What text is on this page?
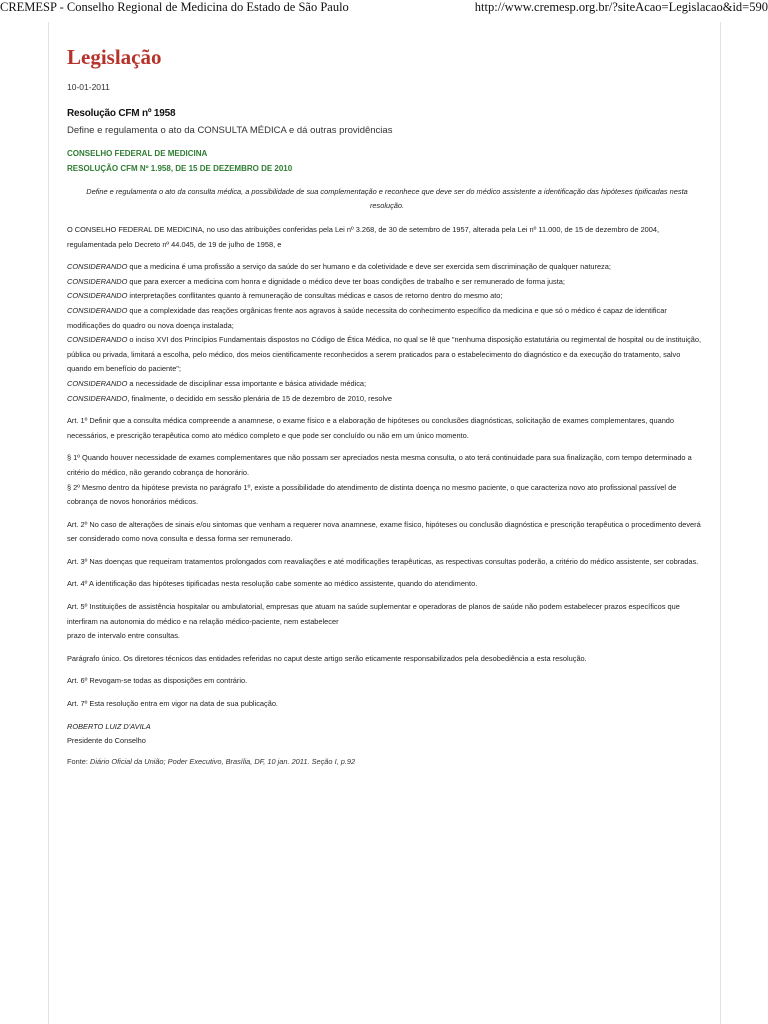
CREMESP - Conselho Regional de Medicina do Estado de São Paulo	http://www.cremesp.org.br/?siteAcao=Legislacao&id=590
Legislação
10-01-2011
Resolução CFM nº 1958
Define e regulamenta o ato da CONSULTA MÉDICA e dá outras providências
CONSELHO FEDERAL DE MEDICINA
RESOLUÇÃO CFM Nº 1.958, DE 15 DE DEZEMBRO DE 2010
Define e regulamenta o ato da consulta médica, a possibilidade de sua complementação e reconhece que deve ser do médico assistente a identificação das hipóteses tipificadas nesta resolução.

O CONSELHO FEDERAL DE MEDICINA, no uso das atribuições conferidas pela Lei nº 3.268, de 30 de setembro de 1957, alterada pela Lei nº 11.000, de 15 de dezembro de 2004, regulamentada pelo Decreto nº 44.045, de 19 de julho de 1958, e

CONSIDERANDO que a medicina é uma profissão a serviço da saúde do ser humano e da coletividade e deve ser exercida sem discriminação de qualquer natureza;

CONSIDERANDO que para exercer a medicina com honra e dignidade o médico deve ter boas condições de trabalho e ser remunerado de forma justa;

CONSIDERANDO interpretações conflitantes quanto à remuneração de consultas médicas e casos de retorno dentro do mesmo ato;

CONSIDERANDO que a complexidade das reações orgânicas frente aos agravos à saúde necessita do conhecimento específico da medicina e que só o médico é capaz de identificar modificações do quadro ou nova doença instalada;

CONSIDERANDO o inciso XVI dos Princípios Fundamentais dispostos no Código de Ética Médica, no qual se lê que "nenhuma disposição estatutária ou regimental de hospital ou de instituição, pública ou privada, limitará a escolha, pelo médico, dos meios cientificamente reconhecidos a serem praticados para o estabelecimento do diagnóstico e da execução do tratamento, salvo quando em benefício do paciente";

CONSIDERANDO a necessidade de disciplinar essa importante e básica atividade médica;

CONSIDERANDO, finalmente, o decidido em sessão plenária de 15 de dezembro de 2010, resolve

Art. 1º Definir que a consulta médica compreende a anamnese, o exame físico e a elaboração de hipóteses ou conclusões diagnósticas, solicitação de exames complementares, quando necessários, e prescrição terapêutica como ato médico completo e que pode ser concluído ou não em um único momento.

§ 1º Quando houver necessidade de exames complementares que não possam ser apreciados nesta mesma consulta, o ato terá continuidade para sua finalização, com tempo determinado a critério do médico, não gerando cobrança de honorário.

§ 2º Mesmo dentro da hipótese prevista no parágrafo 1º, existe a possibilidade do atendimento de distinta doença no mesmo paciente, o que caracteriza novo ato profissional passível de cobrança de novos honorários médicos.

Art. 2º No caso de alterações de sinais e/ou sintomas que venham a requerer nova anamnese, exame físico, hipóteses ou conclusão diagnóstica e prescrição terapêutica o procedimento deverá ser considerado como nova consulta e dessa forma ser remunerado.

Art. 3º Nas doenças que requeiram tratamentos prolongados com reavaliações e até modificações terapêuticas, as respectivas consultas poderão, a critério do médico assistente, ser cobradas.

Art. 4º A identificação das hipóteses tipificadas nesta resolução cabe somente ao médico assistente, quando do atendimento.

Art. 5º Instituições de assistência hospitalar ou ambulatorial, empresas que atuam na saúde suplementar e operadoras de planos de saúde não podem estabelecer prazos específicos que interfiram na autonomia do médico e na relação médico-paciente, nem estabelecer
prazo de intervalo entre consultas.

Parágrafo único. Os diretores técnicos das entidades referidas no caput deste artigo serão eticamente responsabilizados pela desobediência a esta resolução.

Art. 6º Revogam-se todas as disposições em contrário.

Art. 7º Esta resolução entra em vigor na data de sua publicação.

ROBERTO LUIZ D'AVILA
Presidente do Conselho
Fonte: Diário Oficial da União; Poder Executivo, Brasília, DF, 10 jan. 2011. Seção I, p.92
